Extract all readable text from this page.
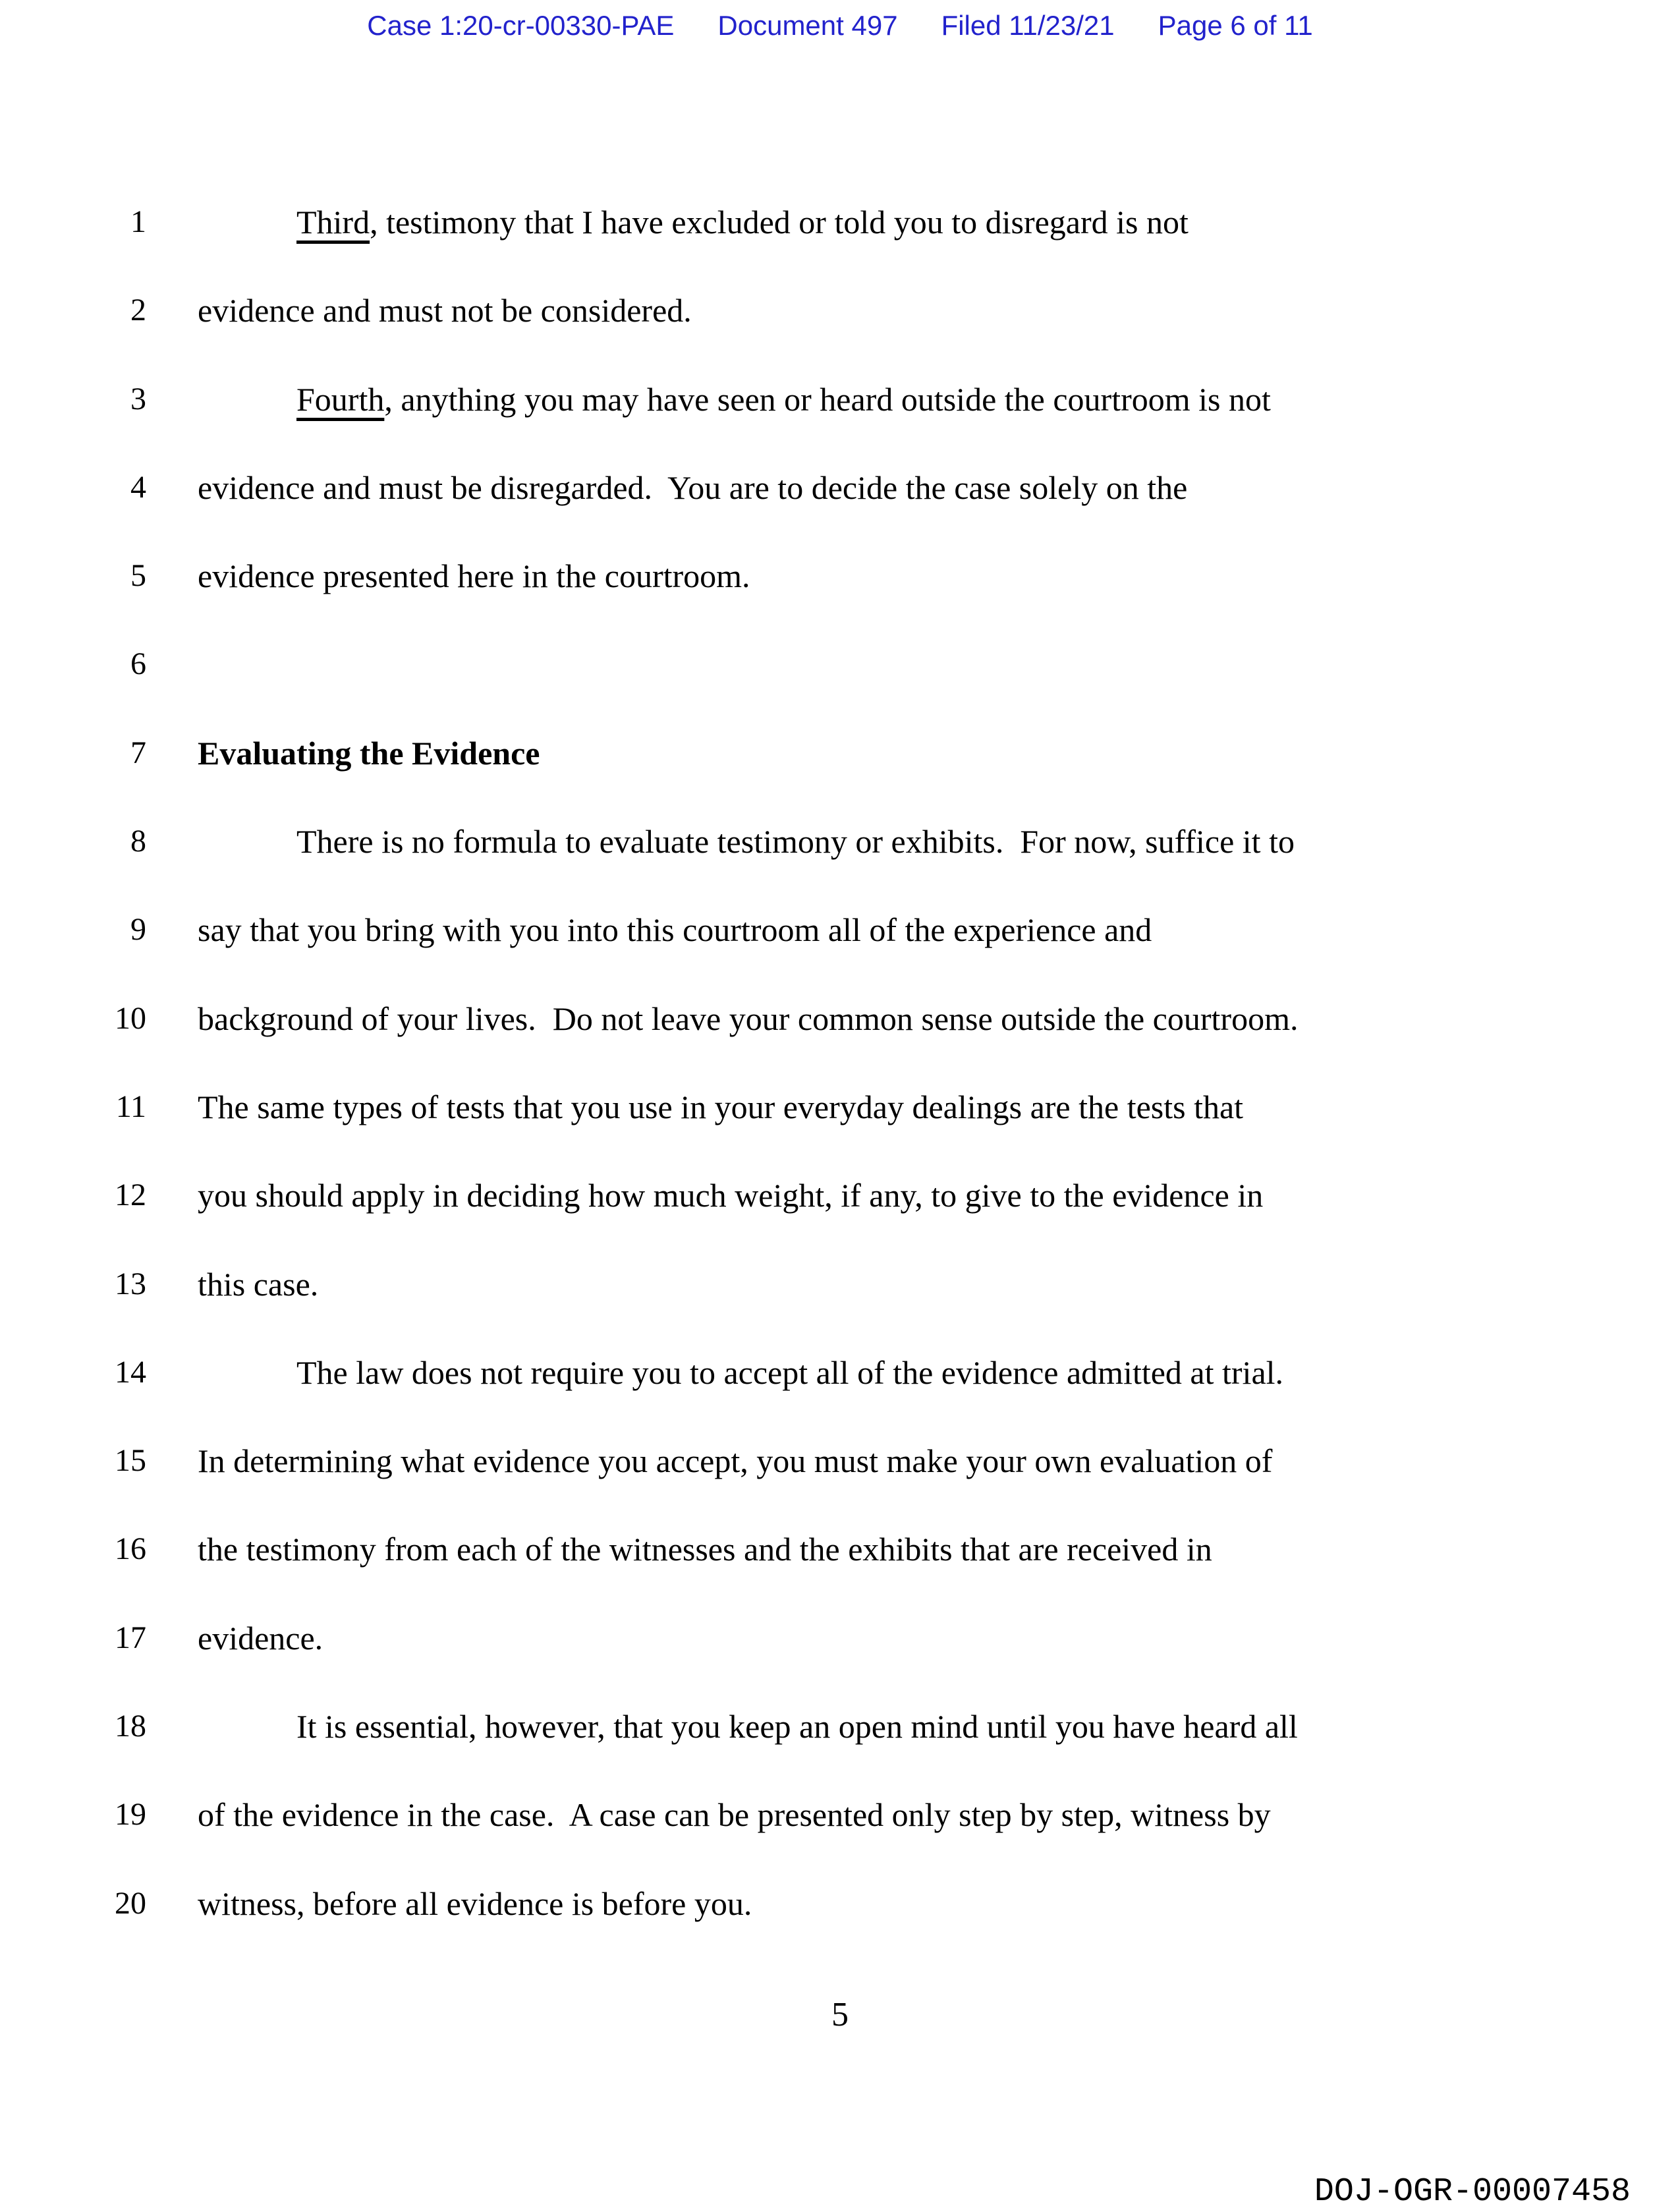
Case 1:20-cr-00330-PAE Document 497 Filed 11/23/21 Page 6 of 11
1	Third, testimony that I have excluded or told you to disregard is not
2 evidence and must not be considered.
3	Fourth, anything you may have seen or heard outside the courtroom is not
4 evidence and must be disregarded.  You are to decide the case solely on the
5 evidence presented here in the courtroom.
6
7 Evaluating the Evidence
8	There is no formula to evaluate testimony or exhibits.  For now, suffice it to
9 say that you bring with you into this courtroom all of the experience and
10 background of your lives.  Do not leave your common sense outside the courtroom.
11 The same types of tests that you use in your everyday dealings are the tests that
12 you should apply in deciding how much weight, if any, to give to the evidence in
13 this case.
14	The law does not require you to accept all of the evidence admitted at trial.
15 In determining what evidence you accept, you must make your own evaluation of
16 the testimony from each of the witnesses and the exhibits that are received in
17 evidence.
18	It is essential, however, that you keep an open mind until you have heard all
19 of the evidence in the case.  A case can be presented only step by step, witness by
20 witness, before all evidence is before you.
5
DOJ-OGR-00007458
